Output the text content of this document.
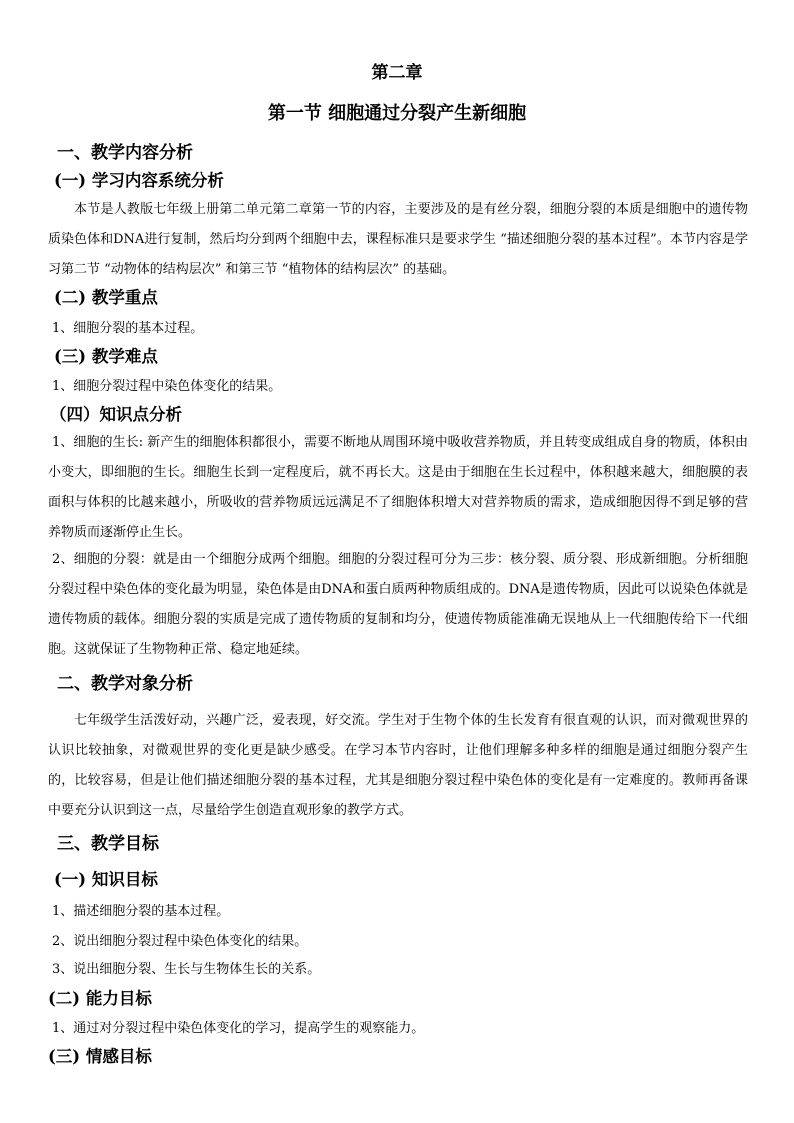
第二章
第一节 细胞通过分裂产生新细胞
一、教学内容分析
(一) 学习内容系统分析
本节是人教版七年级上册第二单元第二章第一节的内容，主要涉及的是有丝分裂，细胞分裂的本质是细胞中的遗传物质染色体和DNA进行复制，然后均分到两个细胞中去，课程标准只是要求学生 “描述细胞分裂的基本过程”。本节内容是学习第二节 “动物体的结构层次” 和第三节 “植物体的结构层次” 的基础。
(二) 教学重点
1、细胞分裂的基本过程。
(三) 教学难点
1、细胞分裂过程中染色体变化的结果。
（四）知识点分析
1、细胞的生长: 新产生的细胞体积都很小，需要不断地从周围环境中吸收营养物质，并且转变成组成自身的物质，体积由小变大，即细胞的生长。细胞生长到一定程度后，就不再长大。这是由于细胞在生长过程中，体积越来越大，细胞膜的表面积与体积的比越来越小，所吸收的营养物质远远满足不了细胞体积增大对营养物质的需求，造成细胞因得不到足够的营养物质而逐渐停止生长。
2、细胞的分裂：就是由一个细胞分成两个细胞。细胞的分裂过程可分为三步：核分裂、质分裂、形成新细胞。分析细胞分裂过程中染色体的变化最为明显，染色体是由DNA和蛋白质两种物质组成的。DNA是遗传物质，因此可以说染色体就是遗传物质的载体。细胞分裂的实质是完成了遗传物质的复制和均分，使遗传物质能准确无误地从上一代细胞传给下一代细胞。这就保证了生物物种正常、稳定地延续。
二、教学对象分析
七年级学生活泼好动，兴趣广泛，爱表现，好交流。学生对于生物个体的生长发育有很直观的认识，而对微观世界的认识比较抽象，对微观世界的变化更是缺少感受。在学习本节内容时，让他们理解多种多样的细胞是通过细胞分裂产生的，比较容易，但是让他们描述细胞分裂的基本过程，尤其是细胞分裂过程中染色体的变化是有一定难度的。教师再备课中要充分认识到这一点，尽量给学生创造直观形象的教学方式。
三、教学目标
(一) 知识目标
1、描述细胞分裂的基本过程。
2、说出细胞分裂过程中染色体变化的结果。
3、说出细胞分裂、生长与生物体生长的关系。
(二) 能力目标
1、通过对分裂过程中染色体变化的学习，提高学生的观察能力。
(三) 情感目标
